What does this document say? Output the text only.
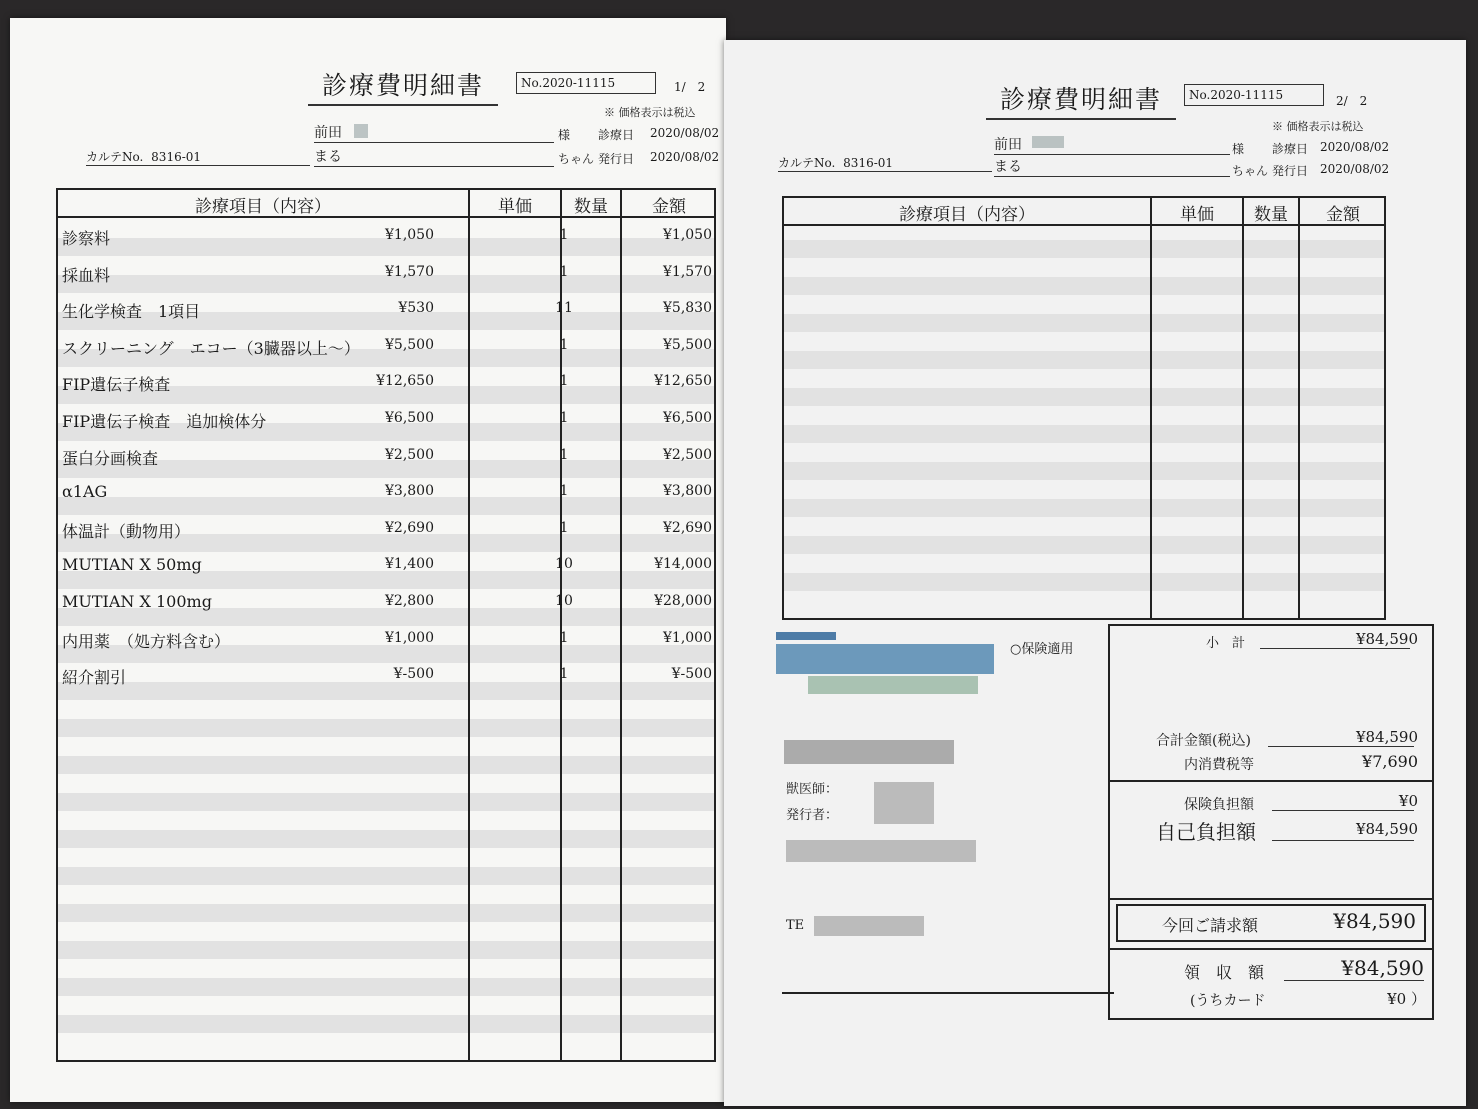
診療費明細書	No.2020-11115	1/　2
※ 価格表示は税込
前田	様 診療日 2020/08/02
カルテNo. 8316-01	まる	ちゃん 発行日 2020/08/02
診療項目（内容）	単価	数量	金額
診察料	¥1,050	1	¥1,050
採血料	¥1,570	1	¥1,570
生化学検査　1項目	¥530	11	¥5,830
スクリーニング　エコー（3臓器以上～）	¥5,500	1	¥5,500
FIP遺伝子検査	¥12,650	1	¥12,650
FIP遺伝子検査　追加検体分	¥6,500	1	¥6,500
蛋白分画検査	¥2,500	1	¥2,500
α1AG	¥3,800	1	¥3,800
体温計（動物用）	¥2,690	1	¥2,690
MUTIAN X 50mg	¥1,400	10	¥14,000
MUTIAN X 100mg	¥2,800	10	¥28,000
内用薬　（処方料含む）	¥1,000	1	¥1,000
紹介割引	¥-500	1	¥-500
診療費明細書	No.2020-11115	2/　2
※ 価格表示は税込
前田	様 診療日 2020/08/02
カルテNo. 8316-01	まる	ちゃん 発行日 2020/08/02
診療項目（内容）	単価	数量	金額
○保険適用
獣医師：
発行者：
TE
小　計	¥84,590
合計金額(税込)	¥84,590
内消費税等	¥7,690
保険負担額	¥0
自己負担額	¥84,590
今回ご請求額	¥84,590
領　収　額	¥84,590
(うちカード	¥0 ）
